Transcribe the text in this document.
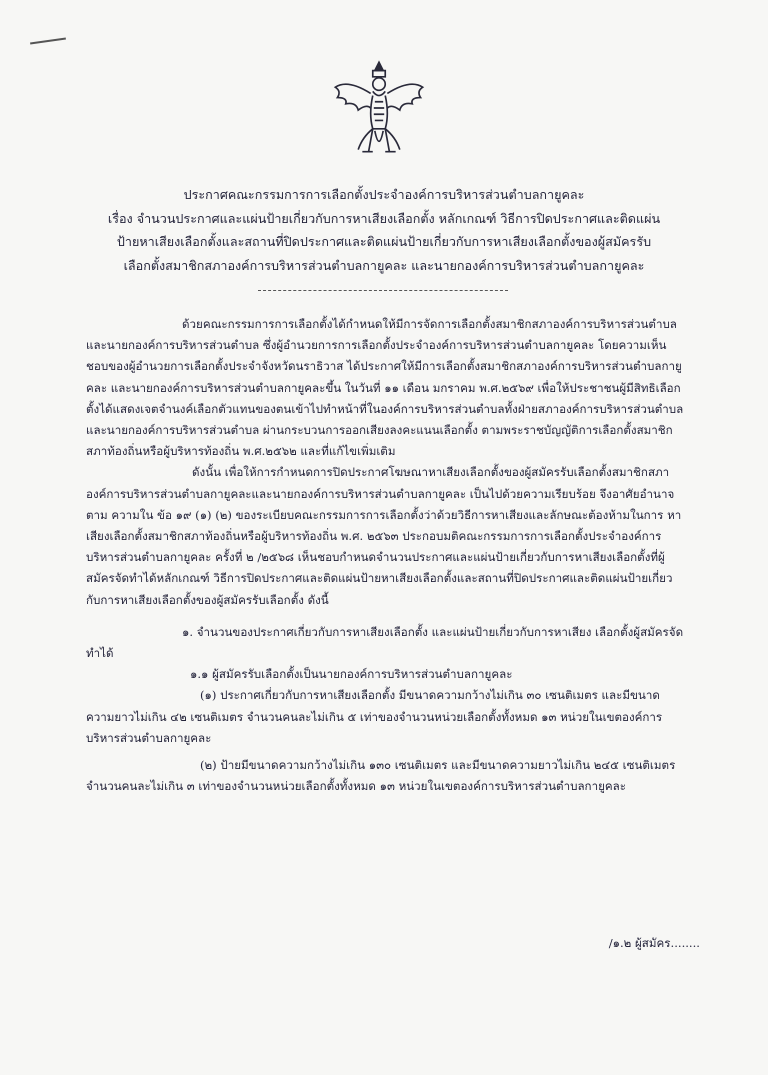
ประกาศคณะกรรมการการเลือกตั้งประจำองค์การบริหารส่วนตำบลกายูคละ

เรื่อง จำนวนประกาศและแผ่นป้ายเกี่ยวกับการหาเสียงเลือกตั้ง หลักเกณฑ์ วิธีการปิดประกาศและติดแผ่น

ป้ายหาเสียงเลือกตั้งและสถานที่ปิดประกาศและติดแผ่นป้ายเกี่ยวกับการหาเสียงเลือกตั้งของผู้สมัครรับ

เลือกตั้งสมาชิกสภาองค์การบริหารส่วนตำบลกายูคละ และนายกองค์การบริหารส่วนตำบลกายูคละ

ด้วยคณะกรรมการการเลือกตั้งได้กำหนดให้มีการจัดการเลือกตั้งสมาชิกสภาองค์การบริหารส่วนตำบลและนายกองค์การบริหารส่วนตำบล ซึ่งผู้อำนวยการการเลือกตั้งประจำองค์การบริหารส่วนตำบลกายูคละ โดยความเห็นชอบของผู้อำนวยการเลือกตั้งประจำจังหวัดนราธิวาส ได้ประกาศให้มีการเลือกตั้งสมาชิกสภาองค์การบริหารส่วนตำบลกายูคละ และนายกองค์การบริหารส่วนตำบลกายูคละขึ้น ในวันที่ ๑๑ เดือน มกราคม พ.ศ.๒๕๖๙ เพื่อให้ประชาชนผู้มีสิทธิเลือกตั้งได้แสดงเจตจำนงค์เลือกตัวแทนของตนเข้าไปทำหน้าที่ในองค์การบริหารส่วนตำบลทั้งฝ่ายสภาองค์การบริหารส่วนตำบล และนายกองค์การบริหารส่วนตำบล ผ่านกระบวนการออกเสียงลงคะแนนเลือกตั้ง ตามพระราชบัญญัติการเลือกตั้งสมาชิกสภาท้องถิ่นหรือผู้บริหารท้องถิ่น พ.ศ.๒๕๖๒ และที่แก้ไขเพิ่มเติม

ดังนั้น เพื่อให้การกำหนดการปิดประกาศโฆษณาหาเสียงเลือกตั้งของผู้สมัครรับเลือกตั้งสมาชิกสภาองค์การบริหารส่วนตำบลกายูคละและนายกองค์การบริหารส่วนตำบลกายูคละ เป็นไปด้วยความเรียบร้อย จึงอาศัยอำนาจตาม ความใน ข้อ ๑๙ (๑) (๒) ของระเบียบคณะกรรมการการเลือกตั้งว่าด้วยวิธีการหาเสียงและลักษณะต้องห้ามในการ หาเสียงเลือกตั้งสมาชิกสภาท้องถิ่นหรือผู้บริหารท้องถิ่น พ.ศ. ๒๕๖๓ ประกอบมติคณะกรรมการการเลือกตั้งประจำองค์การบริหารส่วนตำบลกายูคละ ครั้งที่ ๒ /๒๕๖๘ เห็นชอบกำหนดจำนวนประกาศและแผ่นป้ายเกี่ยวกับการหาเสียงเลือกตั้งที่ผู้สมัครจัดทำได้หลักเกณฑ์ วิธีการปิดประกาศและติดแผ่นป้ายหาเสียงเลือกตั้งและสถานที่ปิดประกาศและติดแผ่นป้ายเกี่ยวกับการหาเสียงเลือกตั้งของผู้สมัครรับเลือกตั้ง ดังนี้

๑. จำนวนของประกาศเกี่ยวกับการหาเสียงเลือกตั้ง และแผ่นป้ายเกี่ยวกับการหาเสียง เลือกตั้งผู้สมัครจัดทำได้

๑.๑ ผู้สมัครรับเลือกตั้งเป็นนายกองค์การบริหารส่วนตำบลกายูคละ

(๑) ประกาศเกี่ยวกับการหาเสียงเลือกตั้ง มีขนาดความกว้างไม่เกิน ๓๐ เซนติเมตร และมีขนาดความยาวไม่เกิน ๔๒ เซนติเมตร จำนวนคนละไม่เกิน ๕ เท่าของจำนวนหน่วยเลือกตั้งทั้งหมด ๑๓ หน่วยในเขตองค์การบริหารส่วนตำบลกายูคละ

(๒) ป้ายมีขนาดความกว้างไม่เกิน ๑๓๐ เซนติเมตร และมีขนาดความยาวไม่เกิน ๒๔๕ เซนติเมตร จำนวนคนละไม่เกิน ๓ เท่าของจำนวนหน่วยเลือกตั้งทั้งหมด ๑๓ หน่วยในเขตองค์การบริหารส่วนตำบลกายูคละ

/๑.๒ ผู้สมัคร........
